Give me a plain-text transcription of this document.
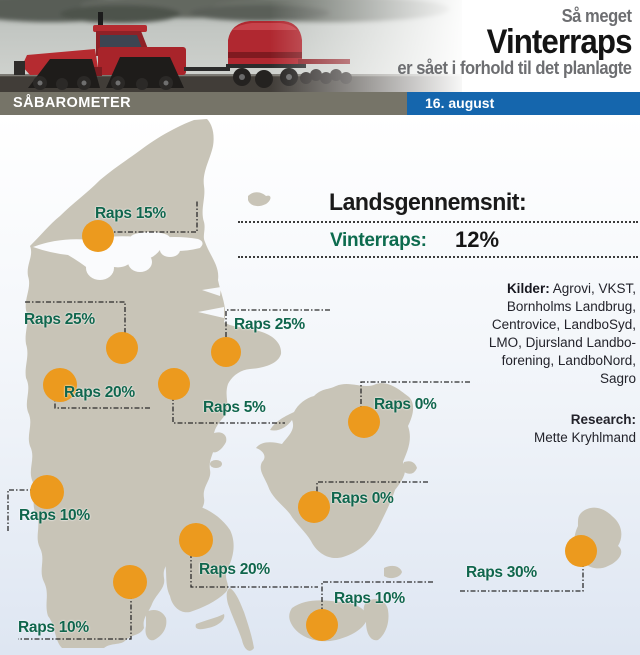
Så meget
Vinterraps
er sået i forhold til det planlagte
SÅBAROMETER	16. august
Raps 15%
Raps 25%
Raps 20%
Raps 5%
Raps 25%
Raps 0%
Raps 0%
Raps 10%
Raps 20%
Raps 10%
Raps 10%
Raps 30%
Landsgennemsnit:
Vinterraps: 12%
Kilder: Agrovi, VKST,
Bornholms Landbrug,
Centrovice, LandboSyd,
LMO, Djursland Landbo-
forening, LandboNord,
Sagro
Research:
Mette Kryhlmand
